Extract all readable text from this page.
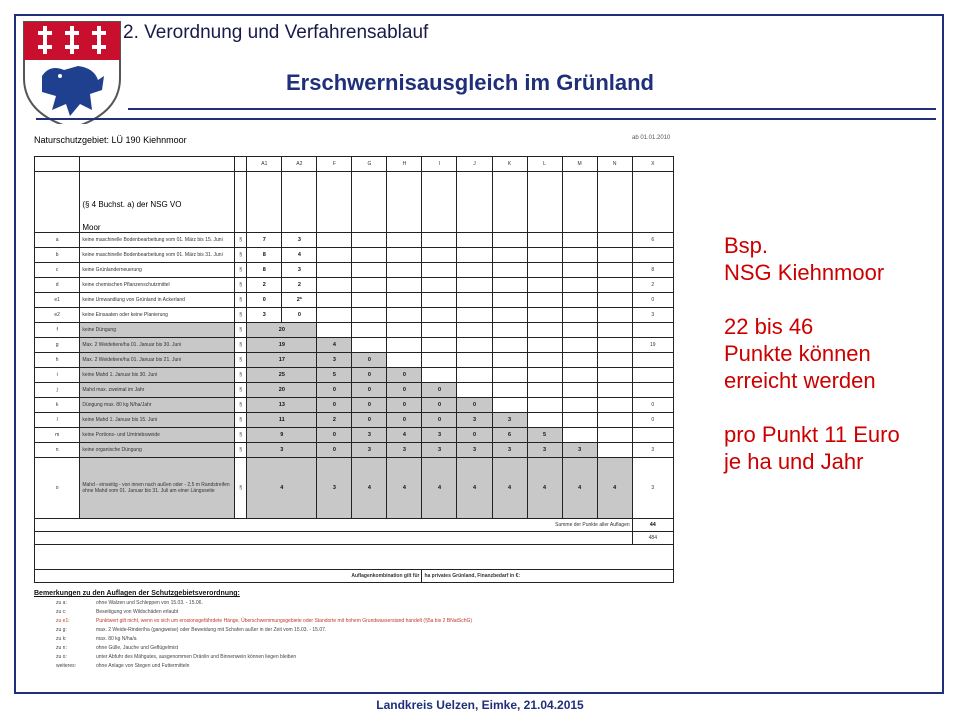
2. Verordnung und Verfahrensablauf
Erschwernisausgleich im Grünland
Naturschutzgebiet: LÜ 190 Kiehnmoor	ab 01.01.2010
			A1	A2	F	G	H	I	J	K	L	M	N	X

	(§ 4 Buchst. a) der NSG VO
Moor													

a	keine maschinelle Bodenbearbeitung vom 01. März bis 15. Juni	§	7	3										6
b	keine maschinelle Bodenbearbeitung vom 01. März bis 31. Juni	§	8	4										
c	keine Grünlanderneuerung	§	8	3										8
d	keine chemischen Pflanzenschutzmittel	§	2	2										2
e1	keine Umwandlung von Grünland in Ackerland	§	0	2*										0
e2	keine Einsaaten oder keine Planierung	§	3	0										3
f	keine Düngung	§	20											
g	Max. 2 Weidetiere/ha 01. Januar bis 30. Juni	§	19		4									19
h	Max. 2 Weidetiere/ha 01. Januar bis 21. Juni	§	17		3	0								
i	keine Mahd 1. Januar bis 30. Juni	§	25		5	0	0							
j	Mahd max. zweimal im Jahr	§	20		0	0	0	0						
k	Düngung max. 80 kg N/ha/Jahr	§	13		0	0	0	0	0					0
l	keine Mahd 1. Januar bis 15. Juni	§	11		2	0	0	0	3	3				0
m	keine Portions- und Umtriebsweide	§	9		0	3	4	3	0	6	5			
n	keine organische Düngung	§	3		0	3	3	3	3	3	3	3		3
o	Mahd - einseitig - von innen nach außen oder - 2,5 m Randstreifen ohne Mahd vom 01. Januar bis 31. Juli am einer Längsseite	§	4		3	4	4	4	4	4	4	4	4	3
Summe der Punkte aller Auflagen														44
														484

Auflagenkombination gilt für								ha privates Grünland, Finanzbedarf in €:						
Bemerkungen zu den Auflagen der Schutzgebietsverordnung:
zu a:	ohne Walzen und Schleppen von 15.03. - 15.06.
zu c:	Beseitigung von Wildschäden erlaubt
zu e1:	Punktwert gilt nicht, wenn es sich um erosionsgefährdete Hänge, Überschwemmungsgebiete oder Standorte mit hohem Grundwasserstand handelt (§5a bis 2 BNatSchG)
zu g:	max. 2 Weide-Rinder/ha (gangweise) oder Beweidung mit Schafen außer in der Zeit vom 15.03. - 15.07.
zu k:	max. 80 kg N/ha/a
zu n:	ohne Gülle, Jauche und Geflügelmist
zu o:	unter Abfuhr des Mähgutes, ausgenommen Dränlin und Binnenwein können liegen bleiben
weiteres:	ohne Anlage von Stegen und Futtermitteln
Bsp.
NSG Kiehnmoor
22 bis 46
Punkte können
erreicht werden
pro Punkt 11 Euro
je ha und Jahr
Landkreis Uelzen, Eimke, 21.04.2015
